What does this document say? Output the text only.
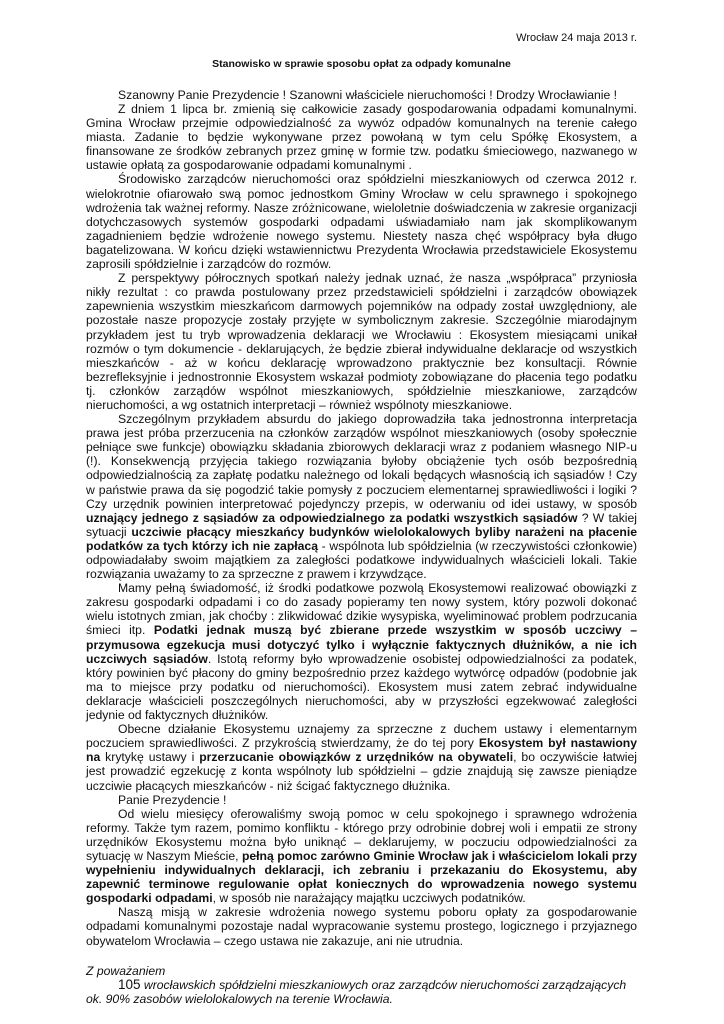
Wrocław 24 maja 2013 r.

Stanowisko w sprawie sposobu opłat za odpady komunalne

Szanowny Panie Prezydencie ! Szanowni właściciele nieruchomości ! Drodzy Wrocławianie !

Z dniem 1 lipca br. zmienią się całkowicie zasady gospodarowania odpadami komunalnymi. Gmina Wrocław przejmie odpowiedzialność za wywóz odpadów komunalnych na terenie całego miasta. Zadanie to będzie wykonywane przez powołaną w tym celu Spółkę Ekosystem, a finansowane ze środków zebranych przez gminę w formie tzw. podatku śmieciowego, nazwanego w ustawie opłatą za gospodarowanie odpadami komunalnymi .

Środowisko zarządców nieruchomości oraz spółdzielni mieszkaniowych od czerwca 2012 r. wielokrotnie ofiarowało swą pomoc jednostkom Gminy Wrocław w celu sprawnego i spokojnego wdrożenia tak ważnej reformy. Nasze zróżnicowane, wieloletnie doświadczenia w zakresie organizacji dotychczasowych systemów gospodarki odpadami uświadamiało nam jak skomplikowanym zagadnieniem będzie wdrożenie nowego systemu. Niestety nasza chęć współpracy była długo bagatelizowana. W końcu dzięki wstawiennictwu Prezydenta Wrocławia przedstawiciele Ekosystemu zaprosili spółdzielnie i zarządców do rozmów.

Z perspektywy półrocznych spotkań należy jednak uznać, że nasza „współpraca” przyniosła nikły rezultat : co prawda postulowany przez przedstawicieli spółdzielni i zarządców obowiązek zapewnienia wszystkim mieszkańcom darmowych pojemników na odpady został uwzględniony, ale pozostałe nasze propozycje zostały przyjęte w symbolicznym zakresie. Szczególnie miarodajnym przykładem jest tu tryb wprowadzenia deklaracji we Wrocławiu : Ekosystem miesiącami unikał rozmów o tym dokumencie - deklarujących, że będzie zbierał indywidualne deklaracje od wszystkich mieszkańców - aż w końcu deklarację wprowadzono praktycznie bez konsultacji. Równie bezrefleksyjnie i jednostronnie Ekosystem wskazał podmioty zobowiązane do płacenia tego podatku tj. członków zarządów wspólnot mieszkaniowych, spółdzielnie mieszkaniowe, zarządców nieruchomości, a wg ostatnich interpretacji – również wspólnoty mieszkaniowe.

Szczególnym przykładem absurdu do jakiego doprowadziła taka jednostronna interpretacja prawa jest próba przerzucenia na członków zarządów wspólnot mieszkaniowych (osoby społecznie pełniące swe funkcje) obowiązku składania zbiorowych deklaracji wraz z podaniem własnego NIP-u (!). Konsekwencją przyjęcia takiego rozwiązania byłoby obciążenie tych osób bezpośrednią odpowiedzialnością za zapłatę podatku należnego od lokali będących własnością ich sąsiadów ! Czy w państwie prawa da się pogodzić takie pomysły z poczuciem elementarnej sprawiedliwości i logiki ? Czy urzędnik powinien interpretować pojedynczy przepis, w oderwaniu od idei ustawy, w sposób uznający jednego z sąsiadów za odpowiedzialnego za podatki wszystkich sąsiadów ? W takiej sytuacji uczciwie płacący mieszkańcy budynków wielolokalowych byliby narażeni na płacenie podatków za tych którzy ich nie zapłacą - wspólnota lub spółdzielnia (w rzeczywistości członkowie) odpowiadałaby swoim majątkiem za zaległości podatkowe indywidualnych właścicieli lokali. Takie rozwiązania uważamy to za sprzeczne z prawem i krzywdzące.

Mamy pełną świadomość, iż środki podatkowe pozwolą Ekosystemowi realizować obowiązki z zakresu gospodarki odpadami i co do zasady popieramy ten nowy system, który pozwoli dokonać wielu istotnych zmian, jak choćby : zlikwidować dzikie wysypiska, wyeliminować problem podrzucania śmieci itp. Podatki jednak muszą być zbierane przede wszystkim w sposób uczciwy – przymusowa egzekucja musi dotyczyć tylko i wyłącznie faktycznych dłużników, a nie ich uczciwych sąsiadów. Istotą reformy było wprowadzenie osobistej odpowiedzialności za podatek, który powinien być płacony do gminy bezpośrednio przez każdego wytwórcę odpadów (podobnie jak ma to miejsce przy podatku od nieruchomości). Ekosystem musi zatem zebrać indywidualne deklaracje właścicieli poszczególnych nieruchomości, aby w przyszłości egzekwować zaległości jedynie od faktycznych dłużników.

Obecne działanie Ekosystemu uznajemy za sprzeczne z duchem ustawy i elementarnym poczuciem sprawiedliwości. Z przykrością stwierdzamy, że do tej pory Ekosystem był nastawiony na krytykę ustawy i przerzucanie obowiązków z urzędników na obywateli, bo oczywiście łatwiej jest prowadzić egzekucję z konta wspólnoty lub spółdzielni – gdzie znajdują się zawsze pieniądze uczciwie płacących mieszkańców - niż ścigać faktycznego dłużnika.

Panie Prezydencie !

Od wielu miesięcy oferowaliśmy swoją pomoc w celu spokojnego i sprawnego wdrożenia reformy. Także tym razem, pomimo konfliktu - którego przy odrobinie dobrej woli i empatii ze strony urzędników Ekosystemu można było uniknąć – deklarujemy, w poczuciu odpowiedzialności za sytuację w Naszym Mieście, pełną pomoc zarówno Gminie Wrocław jak i właścicielom lokali przy wypełnieniu indywidualnych deklaracji, ich zebraniu i przekazaniu do Ekosystemu, aby zapewnić terminowe regulowanie opłat koniecznych do wprowadzenia nowego systemu gospodarki odpadami, w sposób nie narażający majątku uczciwych podatników.

Naszą misją w zakresie wdrożenia nowego systemu poboru opłaty za gospodarowanie odpadami komunalnymi pozostaje nadal wypracowanie systemu prostego, logicznego i przyjaznego obywatelom Wrocławia – czego ustawa nie zakazuje, ani nie utrudnia.

Z poważaniem

105 wrocławskich spółdzielni mieszkaniowych oraz zarządców nieruchomości zarządzających ok. 90% zasobów wielolokalowych na terenie Wrocławia.
